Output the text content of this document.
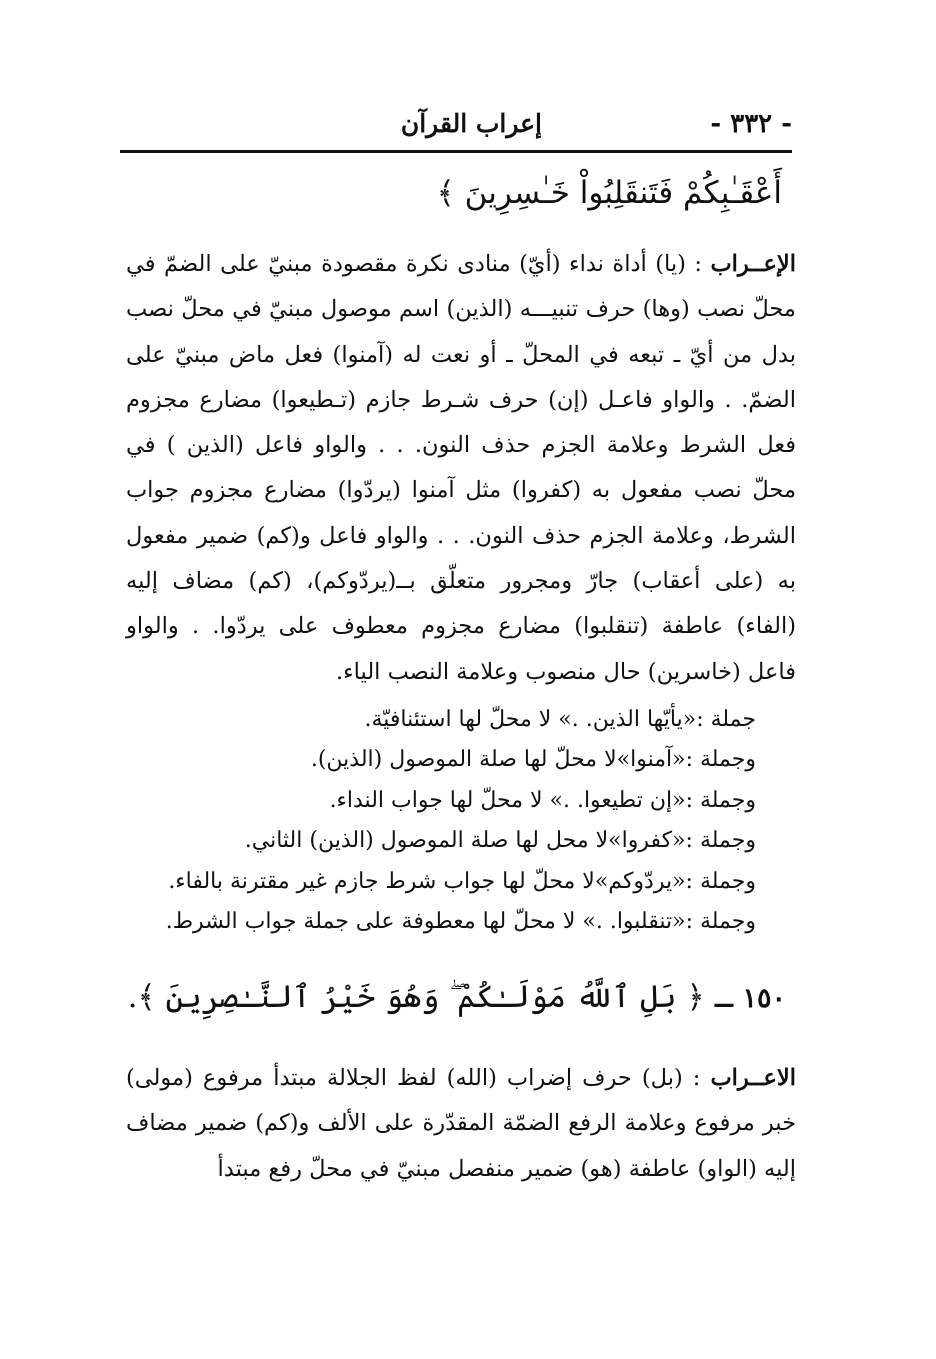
- ٣٣٢ -
إعراب القرآن
أَعْقَـٰبِكُمْ فَتَنقَلِبُواْ خَـٰسِرِينَ ﴾

الإعــراب : (يا) أداة نداء (أيّ) منادى نكرة مقصودة مبنيّ على الضمّ في محلّ نصب (وها) حرف تنبيـــه (الذين) اسم موصول مبنيّ في محلّ نصب بدل من أيّ ـ تبعه في المحلّ ـ أو نعت له (آمنوا) فعل ماض مبنيّ على الضمّ. . والواو فاعـل (إن) حرف شـرط جازم (تـطيعوا) مضارع مجزوم فعل الشرط وعلامة الجزم حذف النون. . . والواو فاعل (الذين ) في محلّ نصب مفعول به (كفروا) مثل آمنوا (يردّوا) مضارع مجزوم جواب الشرط، وعلامة الجزم حذف النون. . . والواو فاعل و(كم) ضمير مفعول به (على أعقاب) جارّ ومجرور متعلّق بــ(يردّوكم)، (كم) مضاف إليه (الفاء) عاطفة (تنقلبوا) مضارع مجزوم معطوف على يردّوا. . والواو فاعل (خاسرين) حال منصوب وعلامة النصب الياء.

جملة :«يأيّها الذين. .» لا محلّ لها استئنافيّة.
وجملة :«آمنوا»لا محلّ لها صلة الموصول (الذين).
وجملة :«إن تطيعوا. .» لا محلّ لها جواب النداء.
وجملة :«كفروا»لا محل لها صلة الموصول (الذين) الثاني.
وجملة :«يردّوكم»لا محلّ لها جواب شرط جازم غير مقترنة بالفاء.
وجملة :«تنقلبوا. .» لا محلّ لها معطوفة على جملة جواب الشرط.
١٥٠ ـ ﴿ بَلِ ٱللَّهُ مَوْلَـٰكُمْ ۖ وَهُوَ خَيْرُ ٱلنَّـٰصِرِينَ ﴾.

الاعــراب : (بل) حرف إضراب (الله) لفظ الجلالة مبتدأ مرفوع (مولى) خبر مرفوع وعلامة الرفع الضمّة المقدّرة على الألف و(كم) ضمير مضاف إليه (الواو) عاطفة (هو) ضمير منفصل مبنيّ في محلّ رفع مبتدأ
